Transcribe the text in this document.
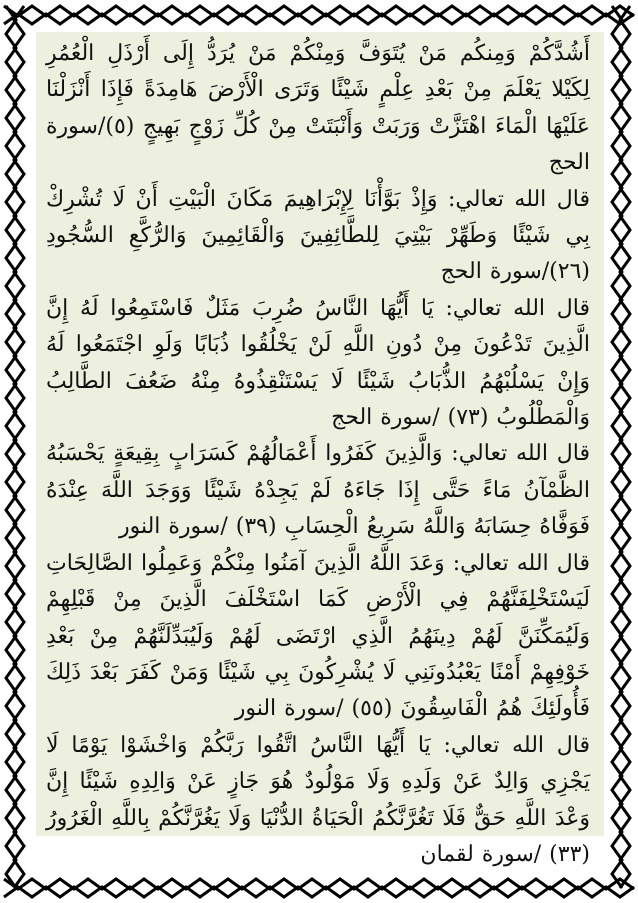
أَشُدَّكُمْ وَمِنكُم مَنْ يُتَوَفَّ وَمِنْكُمْ مَنْ يُرَدُّ إِلَى أَرْذَلِ الْعُمُرِ لِكَيْلا يَعْلَمَ مِنْ بَعْدِ عِلْمٍ شَيْئًا وَتَرَى الْأَرْضَ هَامِدَةً فَإِذَا أَنْزَلْنَا عَلَيْهَا الْمَاءَ اهْتَزَّتْ وَرَبَتْ وَأَنْبَتَتْ مِنْ كُلِّ زَوْجٍ بَهِيجٍ (٥)/سورة الحج

قال الله تعالي: وَإِذْ بَوَّأْنَا لِإِبْرَاهِيمَ مَكَانَ الْبَيْتِ أَنْ لَا تُشْرِكْ بِي شَيْئًا وَطَهِّرْ بَيْتِيَ لِلطَّائِفِينَ وَالْقَائِمِينَ وَالرُّكَّعِ السُّجُودِ (٢٦)/سورة الحج

قال الله تعالي: يَا أَيُّهَا النَّاسُ ضُرِبَ مَثَلٌ فَاسْتَمِعُوا لَهُ إِنَّ الَّذِينَ تَدْعُونَ مِنْ دُونِ اللَّهِ لَنْ يَخْلُقُوا ذُبَابًا وَلَوِ اجْتَمَعُوا لَهُ وَإِنْ يَسْلُبْهُمُ الذُّبَابُ شَيْئًا لَا يَسْتَنْقِذُوهُ مِنْهُ ضَعُفَ الطَّالِبُ وَالْمَطْلُوبُ (٧٣) /سورة الحج

قال الله تعالي: وَالَّذِينَ كَفَرُوا أَعْمَالُهُمْ كَسَرَابٍ بِقِيعَةٍ يَحْسَبُهُ الظَّمْآنُ مَاءً حَتَّى إِذَا جَاءَهُ لَمْ يَجِدْهُ شَيْئًا وَوَجَدَ اللَّهَ عِنْدَهُ فَوَفَّاهُ حِسَابَهُ وَاللَّهُ سَرِيعُ الْحِسَابِ (٣٩) /سورة النور

قال الله تعالي: وَعَدَ اللَّهُ الَّذِينَ آمَنُوا مِنْكُمْ وَعَمِلُوا الصَّالِحَاتِ لَيَسْتَخْلِفَنَّهُمْ فِي الْأَرْضِ كَمَا اسْتَخْلَفَ الَّذِينَ مِنْ قَبْلِهِمْ وَلَيُمَكِّنَنَّ لَهُمْ دِينَهُمُ الَّذِي ارْتَضَى لَهُمْ وَلَيُبَدِّلَنَّهُمْ مِنْ بَعْدِ خَوْفِهِمْ أَمْنًا يَعْبُدُونَنِي لَا يُشْرِكُونَ بِي شَيْئًا وَمَنْ كَفَرَ بَعْدَ ذَلِكَ فَأُولَئِكَ هُمُ الْفَاسِقُونَ (٥٥) /سورة النور

قال الله تعالي: يَا أَيُّهَا النَّاسُ اتَّقُوا رَبَّكُمْ وَاخْشَوْا يَوْمًا لَا يَجْزِي وَالِدٌ عَنْ وَلَدِهِ وَلَا مَوْلُودٌ هُوَ جَازٍ عَنْ وَالِدِهِ شَيْئًا إِنَّ وَعْدَ اللَّهِ حَقٌّ فَلَا تَغُرَّنَّكُمُ الْحَيَاةُ الدُّنْيَا وَلَا يَغُرَّنَّكُمْ بِاللَّهِ الْغَرُورُ (٣٣) /سورة لقمان
